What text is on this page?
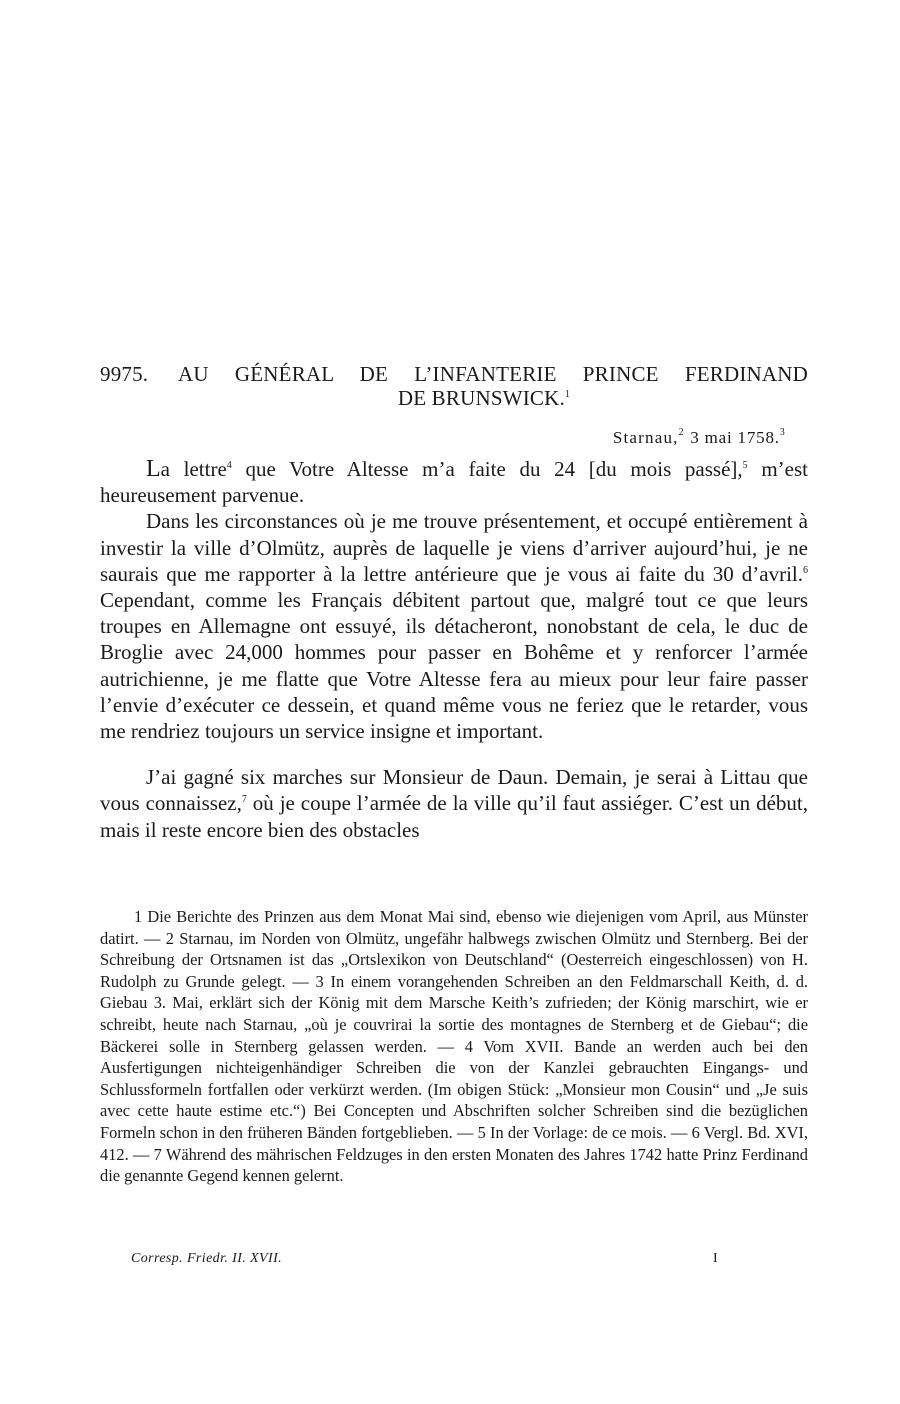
9975.	AU GÉNÉRAL DE L’INFANTERIE PRINCE FERDINAND
DE BRUNSWICK.$^1$
Starnau,$^2$ 3 mai 1758.$^3$

La lettre$^4$ que Votre Altesse m’a faite du 24 [du mois passé],$^5$ m’est heureusement parvenue.

Dans les circonstances où je me trouve présentement, et occupé entièrement à investir la ville d’Olmütz, auprès de laquelle je viens d’arriver aujourd’hui, je ne saurais que me rapporter à la lettre antérieure que je vous ai faite du 30 d’avril.$^6$ Cependant, comme les Français débitent partout que, malgré tout ce que leurs troupes en Allemagne ont essuyé, ils détacheront, nonobstant de cela, le duc de Broglie avec 24,000 hommes pour passer en Bohême et y renforcer l’armée autrichienne, je me flatte que Votre Altesse fera au mieux pour leur faire passer l’envie d’exécuter ce dessein, et quand même vous ne feriez que le retarder, vous me rendriez toujours un service insigne et important.

J’ai gagné six marches sur Monsieur de Daun. Demain, je serai à Littau que vous connaissez,$^7$ où je coupe l’armée de la ville qu’il faut assiéger. C’est un début, mais il reste encore bien des obstacles

1 Die Berichte des Prinzen aus dem Monat Mai sind, ebenso wie diejenigen vom April, aus Münster datirt. — 2 Starnau, im Norden von Olmütz, ungefähr halbwegs zwischen Olmütz und Sternberg. Bei der Schreibung der Ortsnamen ist das „Ortslexikon von Deutschland“ (Oesterreich eingeschlossen) von H. Rudolph zu Grunde gelegt. — 3 In einem vorangehenden Schreiben an den Feldmarschall Keith, d. d. Giebau 3. Mai, erklärt sich der König mit dem Marsche Keith’s zufrieden; der König marschirt, wie er schreibt, heute nach Starnau, „où je couvrirai la sortie des montagnes de Sternberg et de Giebau“; die Bäckerei solle in Sternberg gelassen werden. — 4 Vom XVII. Bande an werden auch bei den Ausfertigungen nichteigenhändiger Schreiben die von der Kanzlei gebrauchten Eingangs- und Schlussformeln fortfallen oder verkürzt werden. (Im obigen Stück: „Monsieur mon Cousin“ und „Je suis avec cette haute estime etc.“) Bei Concepten und Abschriften solcher Schreiben sind die bezüglichen Formeln schon in den früheren Bänden fortgeblieben. — 5 In der Vorlage: de ce mois. — 6 Vergl. Bd. XVI, 412. — 7 Während des mährischen Feldzuges in den ersten Monaten des Jahres 1742 hatte Prinz Ferdinand die genannte Gegend kennen gelernt.

Corresp. Friedr. II. XVII.	I
